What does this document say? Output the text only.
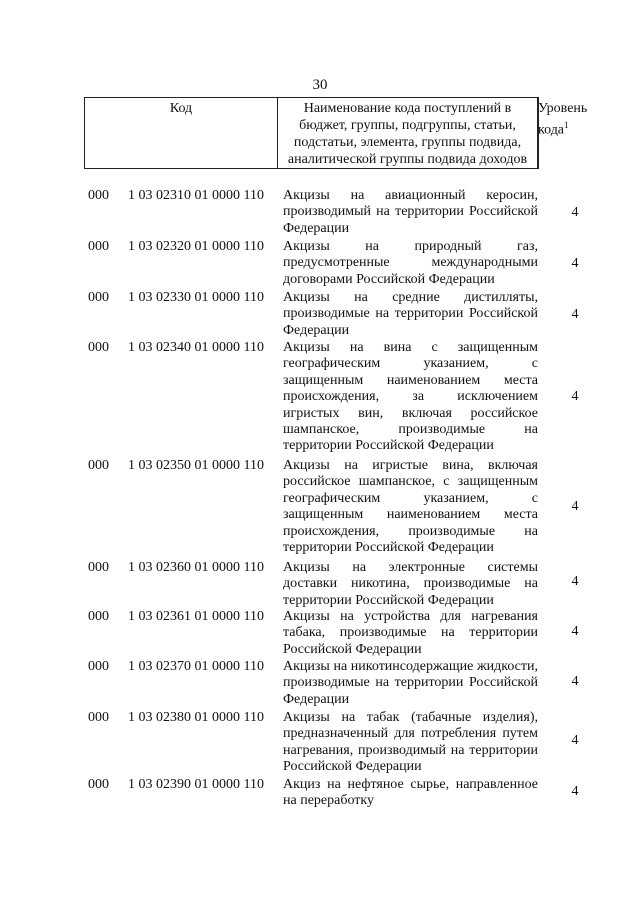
30
Код	Наименование кода поступлений в бюджет, группы, подгруппы, статьи, подстатьи, элемента, группы подвида, аналитической группы подвида доходов
Уровень кода$^1$
000 1 03 02310 01 0000 110 Акцизы на авиационный керосин, производимый на территории Российской Федерации
4
000 1 03 02320 01 0000 110 Акцизы на природный газ, предусмотренные международными договорами Российской Федерации
4
000 1 03 02330 01 0000 110 Акцизы на средние дистилляты, производимые на территории Российской Федерации
4
000 1 03 02340 01 0000 110 Акцизы на вина с защищенным географическим указанием, с защищенным наименованием места происхождения, за исключением игристых вин, включая российское шампанское, производимые на территории Российской Федерации
4
000 1 03 02350 01 0000 110 Акцизы на игристые вина, включая российское шампанское, с защищенным географическим указанием, с защищенным наименованием места происхождения, производимые на территории Российской Федерации
4
000 1 03 02360 01 0000 110 Акцизы на электронные системы доставки никотина, производимые на территории Российской Федерации
4
000 1 03 02361 01 0000 110 Акцизы на устройства для нагревания табака, производимые на территории Российской Федерации
4
000 1 03 02370 01 0000 110 Акцизы на никотинсодержащие жидкости, производимые на территории Российской Федерации
4
000 1 03 02380 01 0000 110 Акцизы на табак (табачные изделия), предназначенный для потребления путем нагревания, производимый на территории Российской Федерации
4
000 1 03 02390 01 0000 110 Акциз на нефтяное сырье, направленное на переработку
4
